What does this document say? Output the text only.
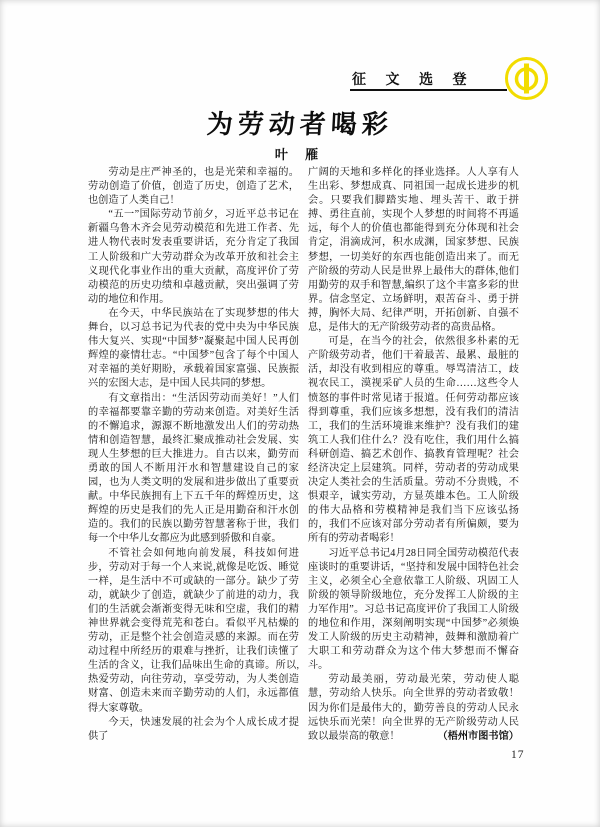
征 文 选 登
为劳动者喝彩
叶 雁

劳动是庄严神圣的，也是光荣和幸福的。劳动创造了价值，创造了历史，创造了艺术，也创造了人类自己！

“五一”国际劳动节前夕，习近平总书记在新疆乌鲁木齐会见劳动模范和先进工作者、先进人物代表时发表重要讲话，充分肯定了我国工人阶级和广大劳动群众为改革开放和社会主义现代化事业作出的重大贡献，高度评价了劳动模范的历史功绩和卓越贡献，突出强调了劳动的地位和作用。

在今天，中华民族站在了实现梦想的伟大舞台，以习总书记为代表的党中央为中华民族伟大复兴、实现“中国梦”凝聚起中国人民再创辉煌的豪情壮志。“中国梦”包含了每个中国人对幸福的美好期盼，承载着国家富强、民族振兴的宏图大志，是中国人民共同的梦想。

有文章指出：“生活因劳动而美好！”人们的幸福都要靠辛勤的劳动来创造。对美好生活的不懈追求，源源不断地激发出人们的劳动热情和创造智慧，最终汇聚成推动社会发展、实现人生梦想的巨大推进力。自古以来，勤劳而勇敢的国人不断用汗水和智慧建设自己的家园，也为人类文明的发展和进步做出了重要贡献。中华民族拥有上下五千年的辉煌历史，这辉煌的历史是我们的先人正是用勤奋和汗水创造的。我们的民族以勤劳智慧著称于世，我们每一个中华儿女都应为此感到骄傲和自豪。

不管社会如何地向前发展，科技如何进步，劳动对于每一个人来说,就像是吃饭、睡觉一样，是生活中不可或缺的一部分。缺少了劳动，就缺少了创造，就缺少了前进的动力，我们的生活就会渐渐变得无味和空虚，我们的精神世界就会变得荒芜和苍白。看似平凡枯燥的劳动，正是整个社会创造灵感的来源。而在劳动过程中所经历的艰难与挫折，让我们读懂了生活的含义，让我们品味出生命的真谛。所以,热爱劳动，向往劳动，享受劳动，为人类创造财富、创造未来而辛勤劳动的人们，永远都值得大家尊敬。

今天，快速发展的社会为个人成长成才提供了

广阔的天地和多样化的择业选择。人人享有人生出彩、梦想成真、同祖国一起成长进步的机会。只要我们脚踏实地、埋头苦干、敢于拼搏、勇往直前，实现个人梦想的时间将不再遥远，每个人的价值也都能得到充分体现和社会肯定，涓滴成河，积水成渊，国家梦想、民族梦想，一切美好的东西也能创造出来了。而无产阶级的劳动人民是世界上最伟大的群体,他们用勤劳的双手和智慧,编织了这个丰富多彩的世界。信念坚定、立场鲜明，艰苦奋斗、勇于拼搏，胸怀大局、纪律严明，开拓创新、自强不息，是伟大的无产阶级劳动者的高贵品格。

可是，在当今的社会，依然很多朴素的无产阶级劳动者，他们干着最苦、最累、最脏的活，却没有收到相应的尊重。辱骂清洁工，歧视农民工，漠视采矿人员的生命……这些令人愤怒的事件时常见诸于报道。任何劳动都应该得到尊重，我们应该多想想，没有我们的清洁工，我们的生活环境谁来维护？没有我们的建筑工人我们住什么？没有吃住，我们用什么搞科研创造、搞艺术创作、搞教育管理呢？社会经济决定上层建筑。同样，劳动者的劳动成果决定人类社会的生活质量。劳动不分贵贱，不惧艰辛，诚实劳动，方显英雄本色。工人阶级的伟大品格和劳模精神是我们当下应该弘扬的，我们不应该对部分劳动者有所偏颇，要为所有的劳动者喝彩！

习近平总书记4月28日同全国劳动模范代表座谈时的重要讲话，“坚持和发展中国特色社会主义，必须全心全意依靠工人阶级、巩固工人阶级的领导阶级地位，充分发挥工人阶级的主力军作用”。习总书记高度评价了我国工人阶级的地位和作用，深刻阐明实现“中国梦”必须焕发工人阶级的历史主动精神，鼓舞和激励着广大职工和劳动群众为这个伟大梦想而不懈奋斗。

劳动最美丽，劳动最光荣，劳动使人聪慧，劳动给人快乐。向全世界的劳动者致敬！因为你们是最伟大的，勤劳善良的劳动人民永远快乐而光荣！向全世界的无产阶级劳动人民致以最崇高的敬意！	（梧州市图书馆）

17
